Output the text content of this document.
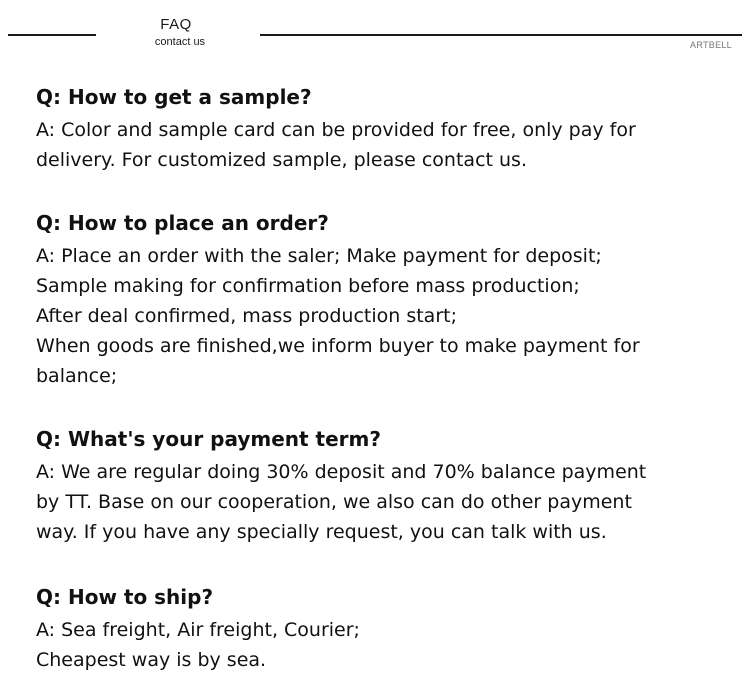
FAQ
contact us	ARTBELL

Q: How to get a sample?

A: Color and sample card can be provided for free, only pay for

delivery. For customized sample, please contact us.

Q: How to place an order?

A: Place an order with the saler; Make payment for deposit;

Sample making for confirmation before mass production;

After deal confirmed, mass production start;

When goods are finished,we inform buyer to make payment for

balance;

Q: What's your payment term?

A: We are regular doing 30% deposit and 70% balance payment

by TT. Base on our cooperation, we also can do other payment

way. If you have any specially request, you can talk with us.

Q: How to ship?

A: Sea freight, Air freight, Courier;

Cheapest way is by sea.
